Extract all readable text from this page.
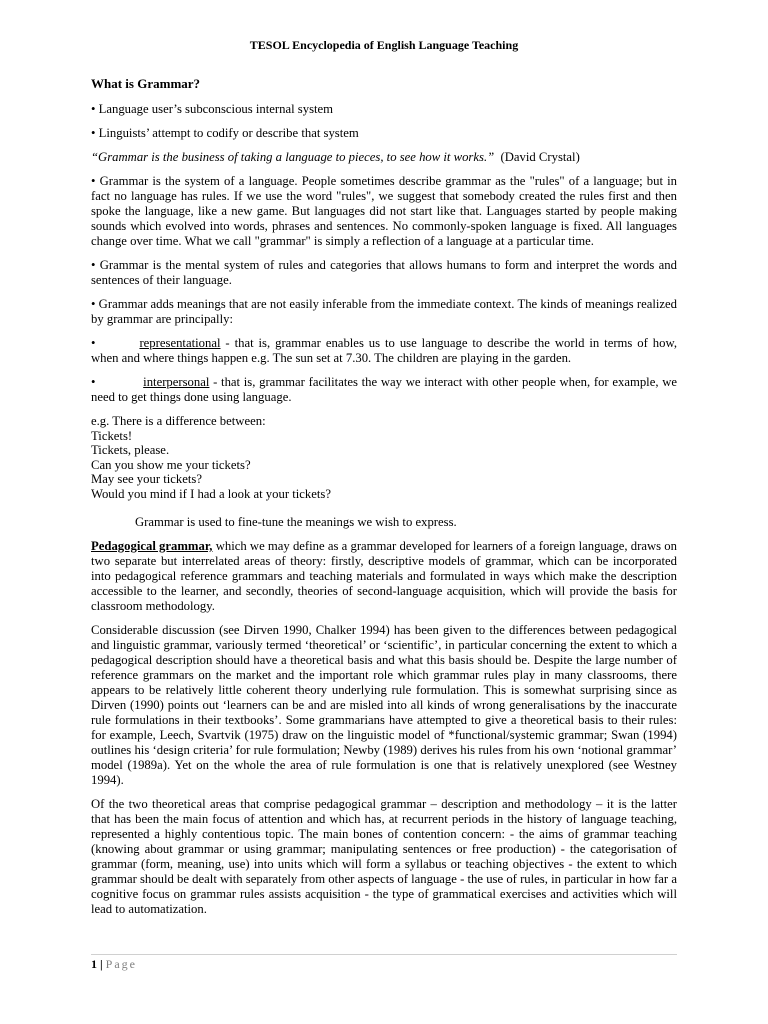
TESOL Encyclopedia of English Language Teaching

What is Grammar?

• Language user’s subconscious internal system

• Linguists’ attempt to codify or describe that system

“Grammar is the business of taking a language to pieces, to see how it works.” (David Crystal)

• Grammar is the system of a language. People sometimes describe grammar as the "rules" of a language; but in fact no language has rules. If we use the word "rules", we suggest that somebody created the rules first and then spoke the language, like a new game. But languages did not start like that. Languages started by people making sounds which evolved into words, phrases and sentences. No commonly-spoken language is fixed. All languages change over time. What we call "grammar" is simply a reflection of a language at a particular time.

• Grammar is the mental system of rules and categories that allows humans to form and interpret the words and sentences of their language.

• Grammar adds meanings that are not easily inferable from the immediate context. The kinds of meanings realized by grammar are principally:

•	representational - that is, grammar enables us to use language to describe the world in terms of how, when and where things happen e.g. The sun set at 7.30. The children are playing in the garden.

•	interpersonal - that is, grammar facilitates the way we interact with other people when, for example, we need to get things done using language.

e.g. There is a difference between:
Tickets!
Tickets, please.
Can you show me your tickets?
May see your tickets?
Would you mind if I had a look at your tickets?

Grammar is used to fine-tune the meanings we wish to express.

Pedagogical grammar, which we may define as a grammar developed for learners of a foreign language, draws on two separate but interrelated areas of theory: firstly, descriptive models of grammar, which can be incorporated into pedagogical reference grammars and teaching materials and formulated in ways which make the description accessible to the learner, and secondly, theories of second-language acquisition, which will provide the basis for classroom methodology.

Considerable discussion (see Dirven 1990, Chalker 1994) has been given to the differences between pedagogical and linguistic grammar, variously termed ‘theoretical’ or ‘scientific’, in particular concerning the extent to which a pedagogical description should have a theoretical basis and what this basis should be. Despite the large number of reference grammars on the market and the important role which grammar rules play in many classrooms, there appears to be relatively little coherent theory underlying rule formulation. This is somewhat surprising since as Dirven (1990) points out ‘learners can be and are misled into all kinds of wrong generalisations by the inaccurate rule formulations in their textbooks’. Some grammarians have attempted to give a theoretical basis to their rules: for example, Leech, Svartvik (1975) draw on the linguistic model of *functional/systemic grammar; Swan (1994) outlines his ‘design criteria’ for rule formulation; Newby (1989) derives his rules from his own ‘notional grammar’ model (1989a). Yet on the whole the area of rule formulation is one that is relatively unexplored (see Westney 1994).

Of the two theoretical areas that comprise pedagogical grammar – description and methodology – it is the latter that has been the main focus of attention and which has, at recurrent periods in the history of language teaching, represented a highly contentious topic. The main bones of contention concern: - the aims of grammar teaching (knowing about grammar or using grammar; manipulating sentences or free production) - the categorisation of grammar (form, meaning, use) into units which will form a syllabus or teaching objectives - the extent to which grammar should be dealt with separately from other aspects of language - the use of rules, in particular in how far a cognitive focus on grammar rules assists acquisition - the type of grammatical exercises and activities which will lead to automatization.

1 | Page
